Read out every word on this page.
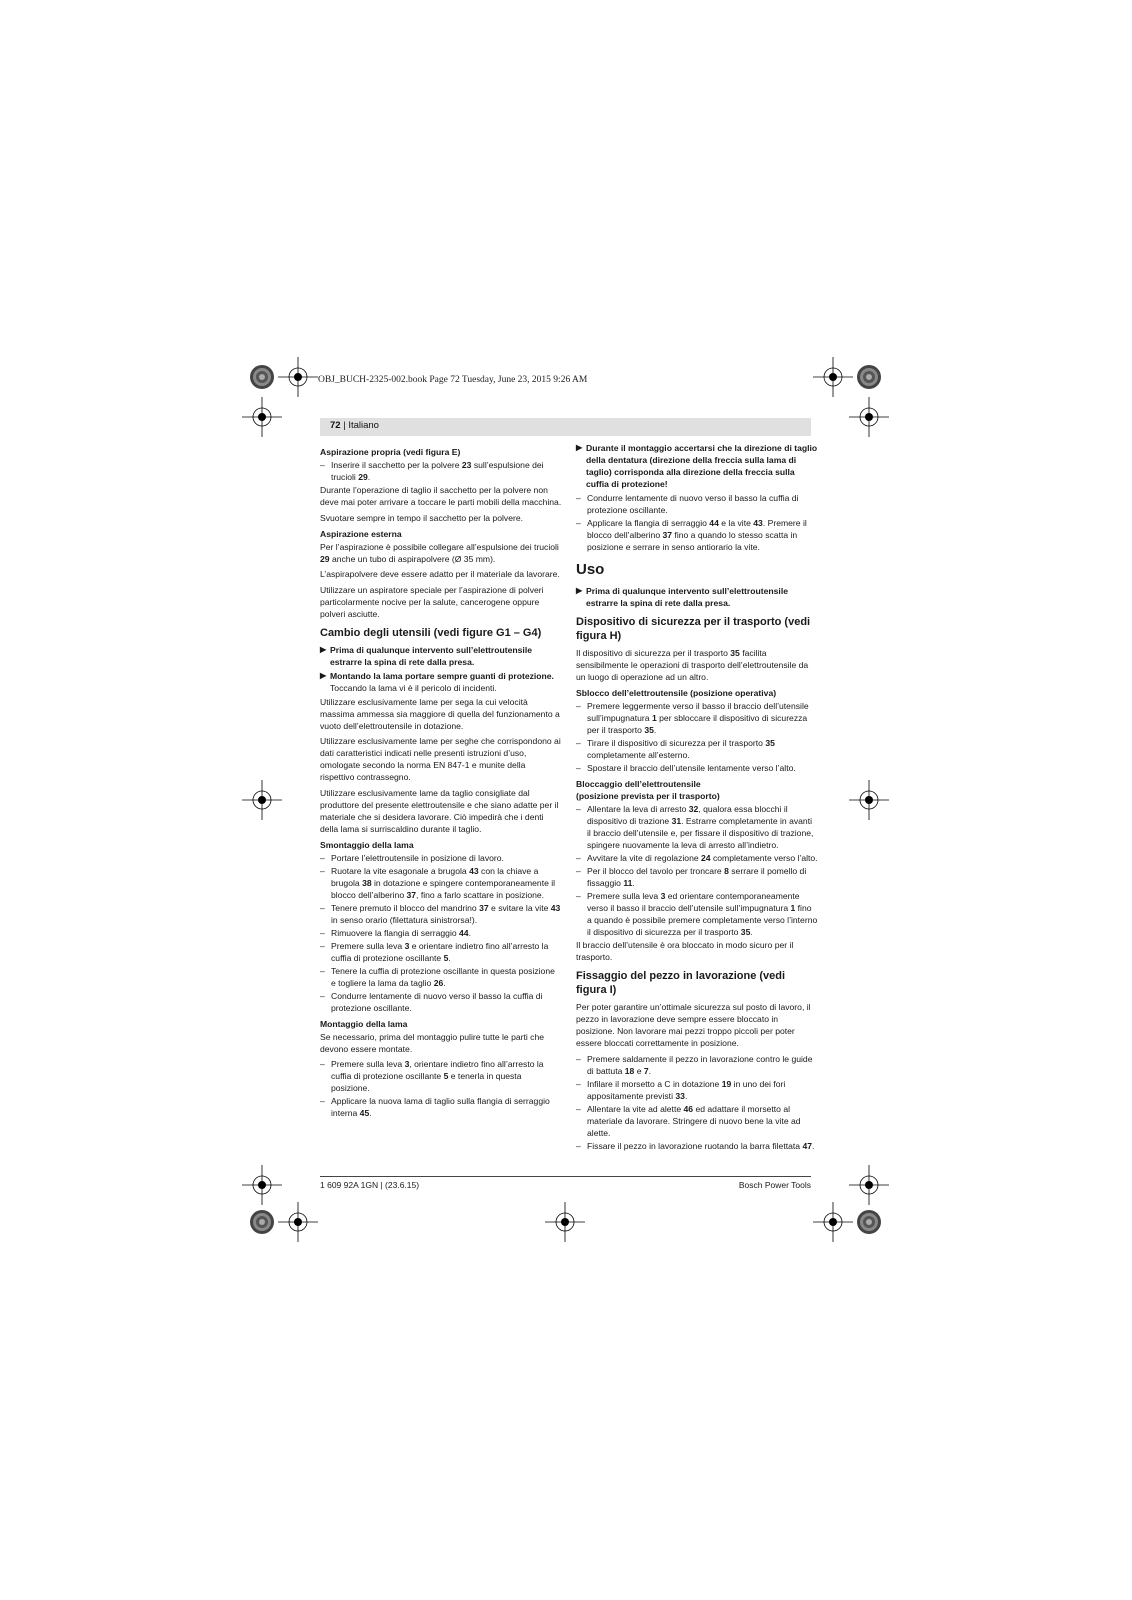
OBJ_BUCH-2325-002.book Page 72 Tuesday, June 23, 2015 9:26 AM
72 | Italiano
Aspirazione propria (vedi figura E)
– Inserire il sacchetto per la polvere 23 sull’espulsione dei trucioli 29.

Durante l’operazione di taglio il sacchetto per la polvere non deve mai poter arrivare a toccare le parti mobili della macchina.

Svuotare sempre in tempo il sacchetto per la polvere.

Aspirazione esterna

Per l’aspirazione è possibile collegare all’espulsione dei trucioli 29 anche un tubo di aspirapolvere (Ø 35 mm).

L’aspirapolvere deve essere adatto per il materiale da lavorare.

Utilizzare un aspiratore speciale per l’aspirazione di polveri particolarmente nocive per la salute, cancerogene oppure polveri asciutte.

Cambio degli utensili (vedi figure G1 – G4)
▶ Prima di qualunque intervento sull’elettroutensile estrarre la spina di rete dalla presa.
▶ Montando la lama portare sempre guanti di protezione. Toccando la lama vi è il pericolo di incidenti.

Utilizzare esclusivamente lame per sega la cui velocità massima ammessa sia maggiore di quella del funzionamento a vuoto dell’elettroutensile in dotazione.

Utilizzare esclusivamente lame per seghe che corrispondono ai dati caratteristici indicati nelle presenti istruzioni d’uso, omologate secondo la norma EN 847-1 e munite della rispettivo contrassegno.

Utilizzare esclusivamente lame da taglio consigliate dal produttore del presente elettroutensile e che siano adatte per il materiale che si desidera lavorare. Ciò impedirà che i denti della lama si surriscaldino durante il taglio.

Smontaggio della lama
– Portare l’elettroutensile in posizione di lavoro.
– Ruotare la vite esagonale a brugola 43 con la chiave a brugola 38 in dotazione e spingere contemporaneamente il blocco dell’alberino 37, fino a farlo scattare in posizione.
– Tenere premuto il blocco del mandrino 37 e svitare la vite 43 in senso orario (filettatura sinistrorsa!).
– Rimuovere la flangia di serraggio 44.
– Premere sulla leva 3 e orientare indietro fino all’arresto la cuffia di protezione oscillante 5.
– Tenere la cuffia di protezione oscillante in questa posizione e togliere la lama da taglio 26.
– Condurre lentamente di nuovo verso il basso la cuffia di protezione oscillante.
Montaggio della lama

Se necessario, prima del montaggio pulire tutte le parti che devono essere montate.

– Premere sulla leva 3, orientare indietro fino all’arresto la cuffia di protezione oscillante 5 e tenerla in questa posizione.
– Applicare la nuova lama di taglio sulla flangia di serraggio interna 45.
▶ Durante il montaggio accertarsi che la direzione di taglio della dentatura (direzione della freccia sulla lama di taglio) corrisponda alla direzione della freccia sulla cuffia di protezione!
– Condurre lentamente di nuovo verso il basso la cuffia di protezione oscillante.
– Applicare la flangia di serraggio 44 e la vite 43. Premere il blocco dell’alberino 37 fino a quando lo stesso scatta in posizione e serrare in senso antiorario la vite.
Uso
▶ Prima di qualunque intervento sull’elettroutensile estrarre la spina di rete dalla presa.
Dispositivo di sicurezza per il trasporto (vedi figura H)

Il dispositivo di sicurezza per il trasporto 35 facilita sensibilmente le operazioni di trasporto dell’elettroutensile da un luogo di operazione ad un altro.

Sblocco dell’elettroutensile (posizione operativa)
– Premere leggermente verso il basso il braccio dell’utensile sull’impugnatura 1 per sbloccare il dispositivo di sicurezza per il trasporto 35.
– Tirare il dispositivo di sicurezza per il trasporto 35 completamente all’esterno.
– Spostare il braccio dell’utensile lentamente verso l’alto.
Bloccaggio dell’elettroutensile
(posizione prevista per il trasporto)
– Allentare la leva di arresto 32, qualora essa blocchi il dispositivo di trazione 31. Estrarre completamente in avanti il braccio dell’utensile e, per fissare il dispositivo di trazione, spingere nuovamente la leva di arresto all’indietro.
– Avvitare la vite di regolazione 24 completamente verso l’alto.
– Per il blocco del tavolo per troncare 8 serrare il pomello di fissaggio 11.
– Premere sulla leva 3 ed orientare contemporaneamente verso il basso il braccio dell’utensile sull’impugnatura 1 fino a quando è possibile premere completamente verso l’interno il dispositivo di sicurezza per il trasporto 35.

Il braccio dell’utensile è ora bloccato in modo sicuro per il trasporto.

Fissaggio del pezzo in lavorazione (vedi figura I)

Per poter garantire un’ottimale sicurezza sul posto di lavoro, il pezzo in lavorazione deve sempre essere bloccato in posizione. Non lavorare mai pezzi troppo piccoli per poter essere bloccati correttamente in posizione.

– Premere saldamente il pezzo in lavorazione contro le guide di battuta 18 e 7.
– Infilare il morsetto a C in dotazione 19 in uno dei fori appositamente previsti 33.
– Allentare la vite ad alette 46 ed adattare il morsetto al materiale da lavorare. Stringere di nuovo bene la vite ad alette.
– Fissare il pezzo in lavorazione ruotando la barra filettata 47.
1 609 92A 1GN | (23.6.15)	Bosch Power Tools
